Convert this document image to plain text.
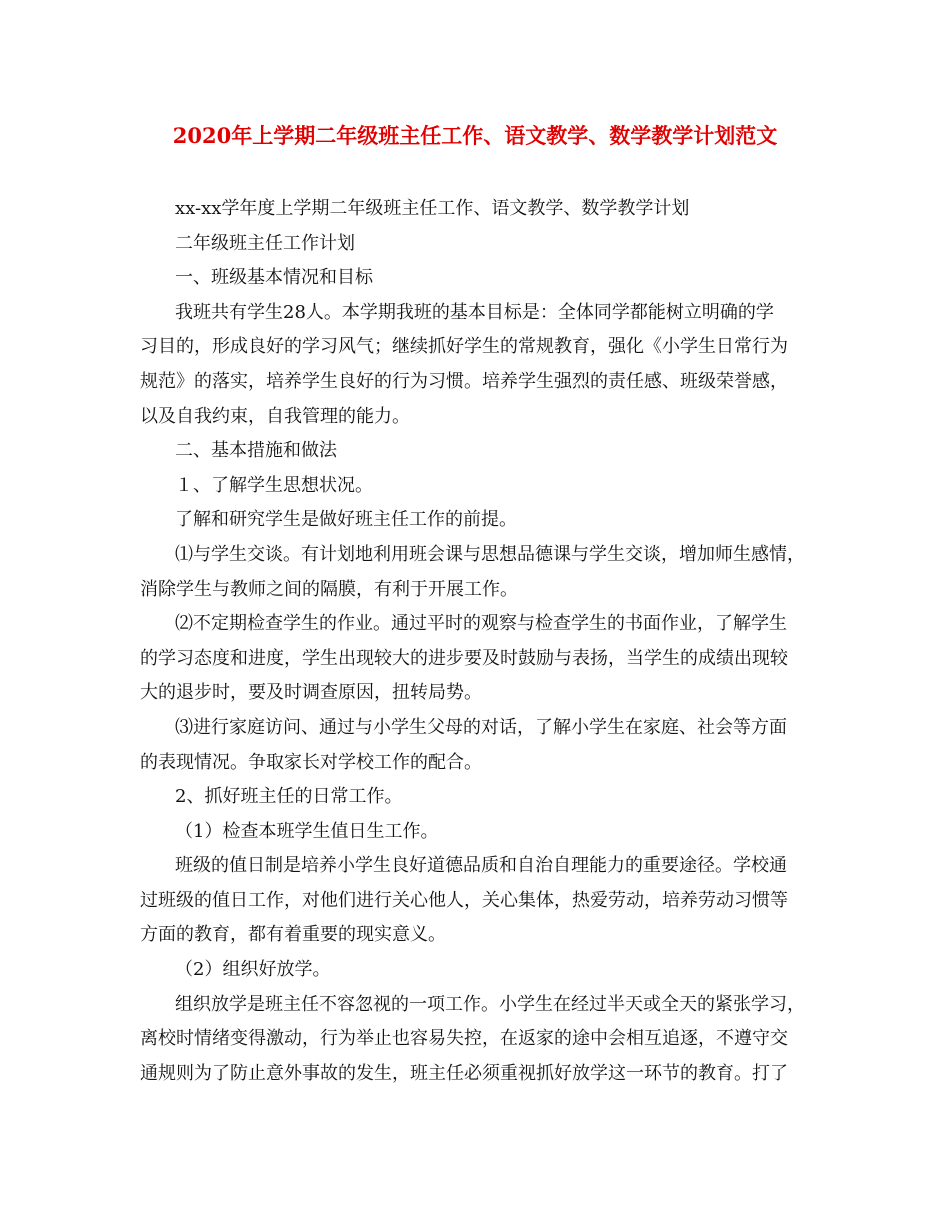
2020年上学期二年级班主任工作、语文教学、数学教学计划范文
xx-xx学年度上学期二年级班主任工作、语文教学、数学教学计划
二年级班主任工作计划
一、班级基本情况和目标
我班共有学生28人。本学期我班的基本目标是：全体同学都能树立明确的学
习目的，形成良好的学习风气；继续抓好学生的常规教育，强化《小学生日常行为
规范》的落实，培养学生良好的行为习惯。培养学生强烈的责任感、班级荣誉感，
以及自我约束，自我管理的能力。
二、基本措施和做法
１、了解学生思想状况。
了解和研究学生是做好班主任工作的前提。
⑴与学生交谈。有计划地利用班会课与思想品德课与学生交谈，增加师生感情，
消除学生与教师之间的隔膜，有利于开展工作。
⑵不定期检查学生的作业。通过平时的观察与检查学生的书面作业，了解学生
的学习态度和进度，学生出现较大的进步要及时鼓励与表扬，当学生的成绩出现较
大的退步时，要及时调查原因，扭转局势。
⑶进行家庭访问、通过与小学生父母的对话，了解小学生在家庭、社会等方面
的表现情况。争取家长对学校工作的配合。
2、抓好班主任的日常工作。
（1）检查本班学生值日生工作。
班级的值日制是培养小学生良好道德品质和自治自理能力的重要途径。学校通
过班级的值日工作，对他们进行关心他人，关心集体，热爱劳动，培养劳动习惯等
方面的教育，都有着重要的现实意义。
（2）组织好放学。
组织放学是班主任不容忽视的一项工作。小学生在经过半天或全天的紧张学习，
离校时情绪变得激动，行为举止也容易失控，在返家的途中会相互追逐，不遵守交
通规则为了防止意外事故的发生，班主任必须重视抓好放学这一环节的教育。打了
